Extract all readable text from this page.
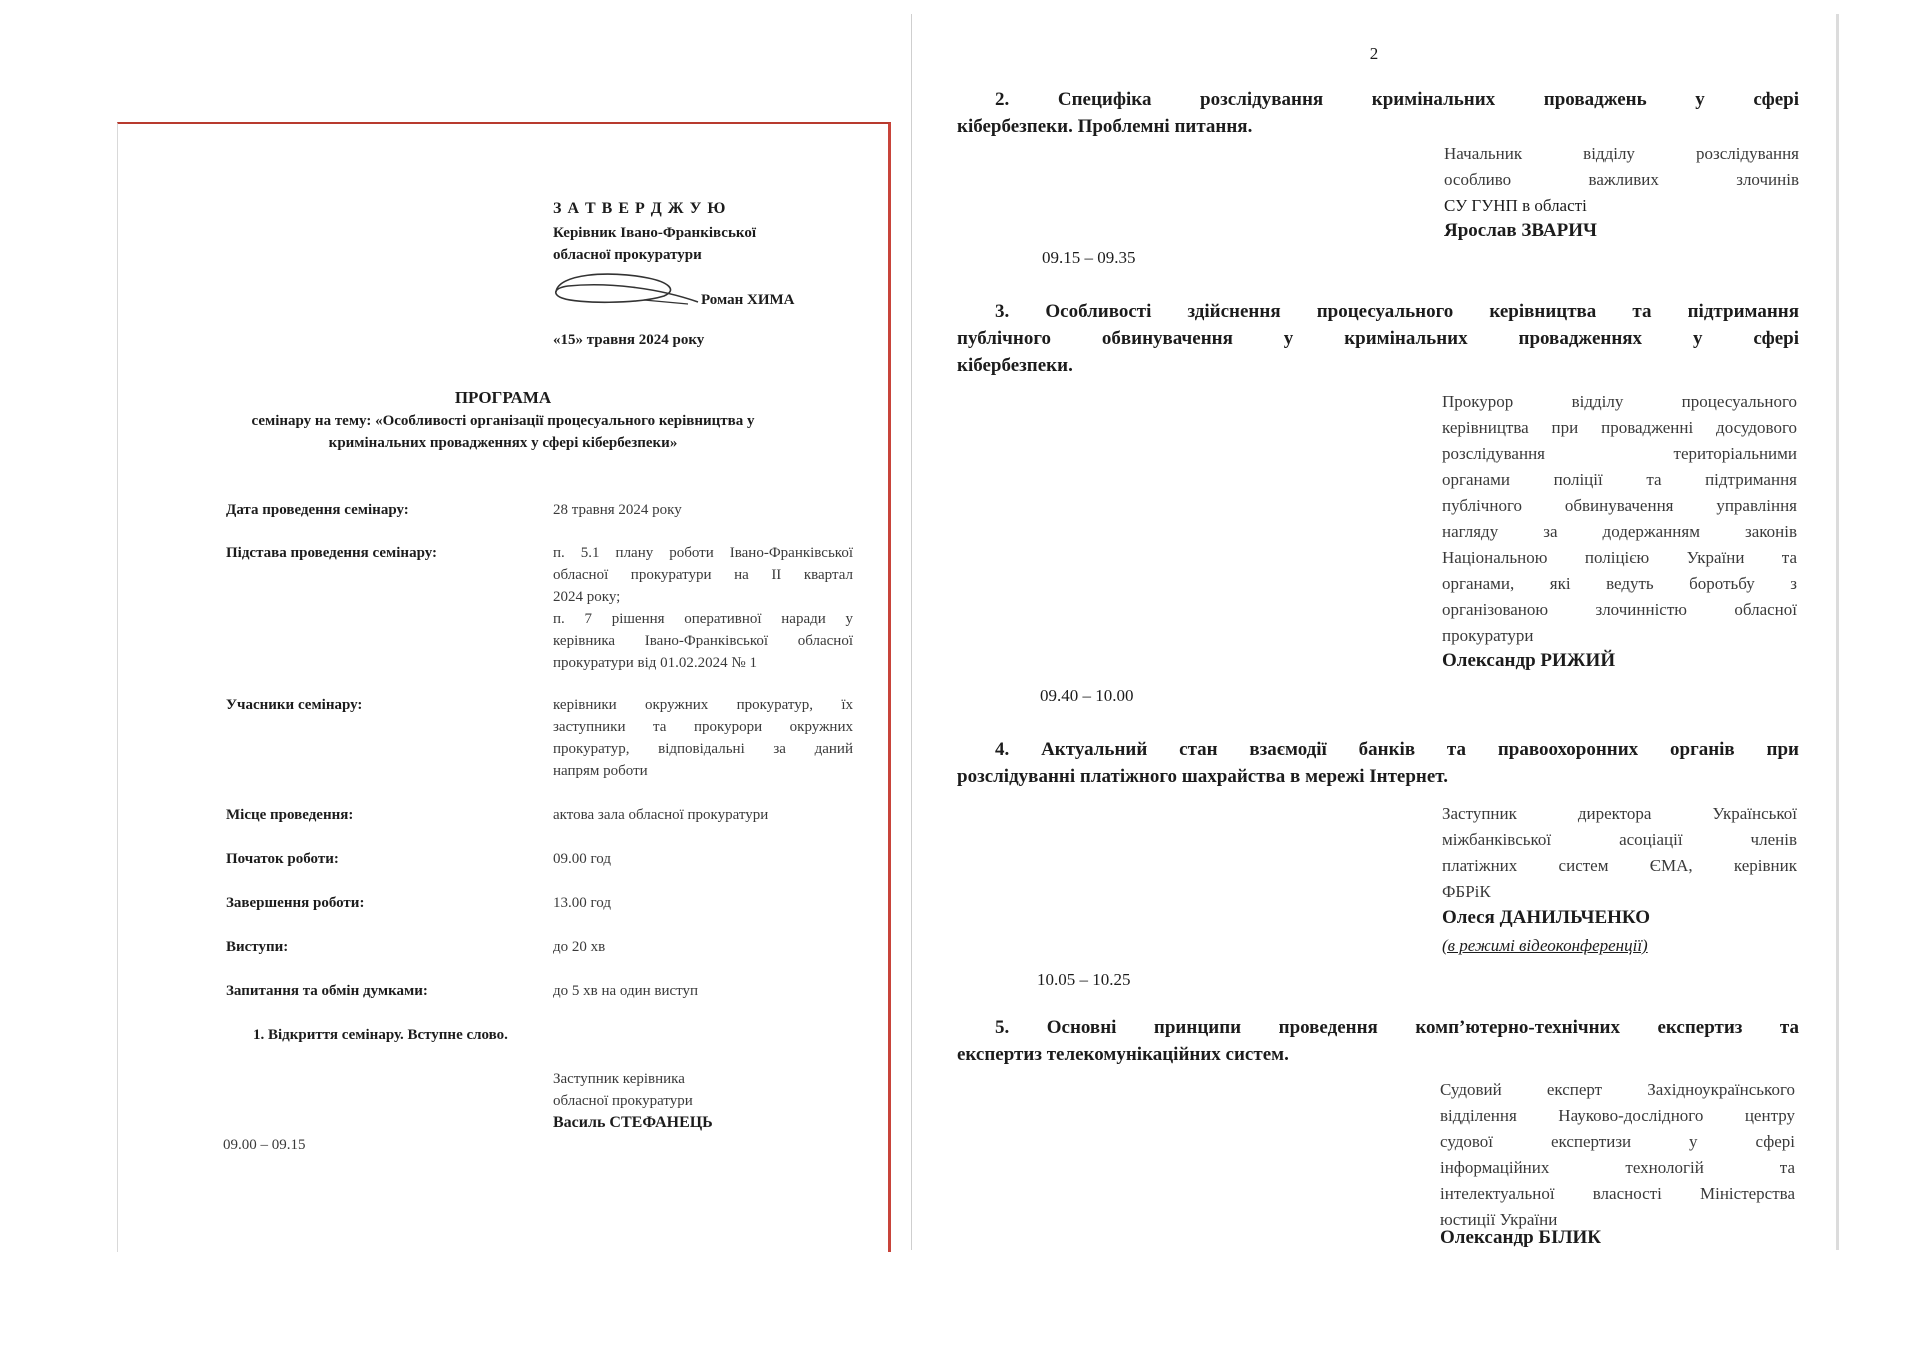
З А Т В Е Р Д Ж У Ю
Керівник Івано-Франківської
обласної прокуратури
Роман ХИМА
«15» травня 2024 року
ПРОГРАМА
семінару на тему: «Особливості організації процесуального керівництва у
кримінальних провадженнях у сфері кібербезпеки»
Дата проведення семінару:	28 травня 2024 року
Підстава проведення семінару:	п. 5.1 плану роботи Івано-Франківської
обласної прокуратури на II квартал
2024 року;
п. 7 рішення оперативної наради у
керівника Івано-Франківської обласної
прокуратури від 01.02.2024 № 1
Учасники семінару:	керівники окружних прокуратур, їх
заступники та прокурори окружних
прокуратур, відповідальні за даний
напрям роботи
Місце проведення:	актова зала обласної прокуратури
Початок роботи:	09.00 год
Завершення роботи:	13.00 год
Виступи:	до 20 хв
Запитання та обмін думками:	до 5 хв на один виступ
1. Відкриття семінару. Вступне слово.
Заступник керівника
обласної прокуратури
Василь СТЕФАНЕЦЬ
09.00 – 09.15
2
2. Специфіка розслідування кримінальних проваджень у сфері
кібербезпеки. Проблемні питання.
Начальник відділу розслідування
особливо важливих злочинів
СУ ГУНП в області
Ярослав ЗВАРИЧ
09.15 – 09.35
3. Особливості здійснення процесуального керівництва та підтримання
публічного обвинувачення у кримінальних провадженнях у сфері
кібербезпеки.
Прокурор відділу процесуального
керівництва при провадженні досудового
розслідування територіальними
органами поліції та підтримання
публічного обвинувачення управління
нагляду за додержанням законів
Національною поліцією України та
органами, які ведуть боротьбу з
організованою злочинністю обласної
прокуратури
Олександр РИЖИЙ
09.40 – 10.00
4. Актуальний стан взаємодії банків та правоохоронних органів при
розслідуванні платіжного шахрайства в мережі Інтернет.
Заступник директора Української
міжбанківської асоціації членів
платіжних систем ЄМА, керівник
ФБРіК
Олеся ДАНИЛЬЧЕНКО
(в режимі відеоконференції)
10.05 – 10.25
5. Основні принципи проведення комп’ютерно-технічних експертиз та
експертиз телекомунікаційних систем.
Судовий експерт Західноукраїнського
відділення Науково-дослідного центру
судової експертизи у сфері
інформаційних технологій та
інтелектуальної власності Міністерства
юстиції України
Олександр БІЛИК
